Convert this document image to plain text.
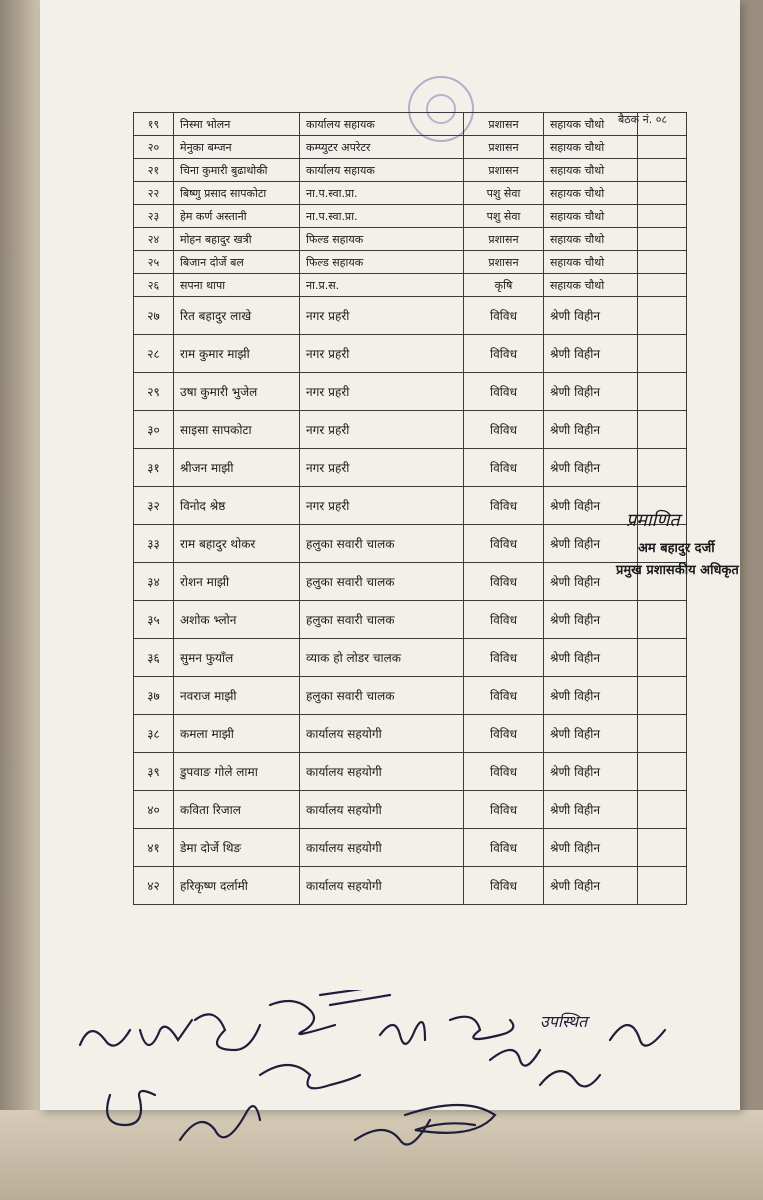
बैठक नं. ०८
१९	निस्मा भोलन	कार्यालय सहायक	प्रशासन	सहायक चौथो	
२०	मेनुका बम्जन	कम्प्युटर अपरेटर	प्रशासन	सहायक चौथो	
२१	चिना कुमारी बुढाथोकी	कार्यालय सहायक	प्रशासन	सहायक चौथो	
२२	बिष्णु प्रसाद सापकोटा	ना.प.स्वा.प्रा.	पशु सेवा	सहायक चौथो	
२३	हेम कर्ण अस्तानी	ना.प.स्वा.प्रा.	पशु सेवा	सहायक चौथो	
२४	मोहन बहादुर खत्री	फिल्ड सहायक	प्रशासन	सहायक चौथो	
२५	बिजान दोर्जे बल	फिल्ड सहायक	प्रशासन	सहायक चौथो	
२६	सपना थापा	ना.प्र.स.	कृषि	सहायक चौथो	
२७	रित बहादुर लाखे	नगर प्रहरी	विविध	श्रेणी विहीन	
२८	राम कुमार माझी	नगर प्रहरी	विविध	श्रेणी विहीन	
२९	उषा कुमारी भुजेल	नगर प्रहरी	विविध	श्रेणी विहीन	
३०	साइसा सापकोटा	नगर प्रहरी	विविध	श्रेणी विहीन	
३१	श्रीजन माझी	नगर प्रहरी	विविध	श्रेणी विहीन	
३२	विनोद श्रेष्ठ	नगर प्रहरी	विविध	श्रेणी विहीन	
३३	राम बहादुर थोकर	हलुका सवारी चालक	विविध	श्रेणी विहीन	
३४	रोशन माझी	हलुका सवारी चालक	विविध	श्रेणी विहीन	
३५	अशोक भ्लोन	हलुका सवारी चालक	विविध	श्रेणी विहीन	
३६	सुमन फुयाँल	व्याक हो लोडर चालक	विविध	श्रेणी विहीन	
३७	नवराज माझी	हलुका सवारी चालक	विविध	श्रेणी विहीन	
३८	कमला माझी	कार्यालय सहयोगी	विविध	श्रेणी विहीन	
३९	डुपवाङ गोले लामा	कार्यालय सहयोगी	विविध	श्रेणी विहीन	
४०	कविता रिजाल	कार्यालय सहयोगी	विविध	श्रेणी विहीन	
४१	डेमा दोर्जे थिङ	कार्यालय सहयोगी	विविध	श्रेणी विहीन	
४२	हरिकृष्ण दर्लामी	कार्यालय सहयोगी	विविध	श्रेणी विहीन	
प्रमाणित
अम बहादुर दर्जी
प्रमुख प्रशासकीय अधिकृत
उपस्थित
